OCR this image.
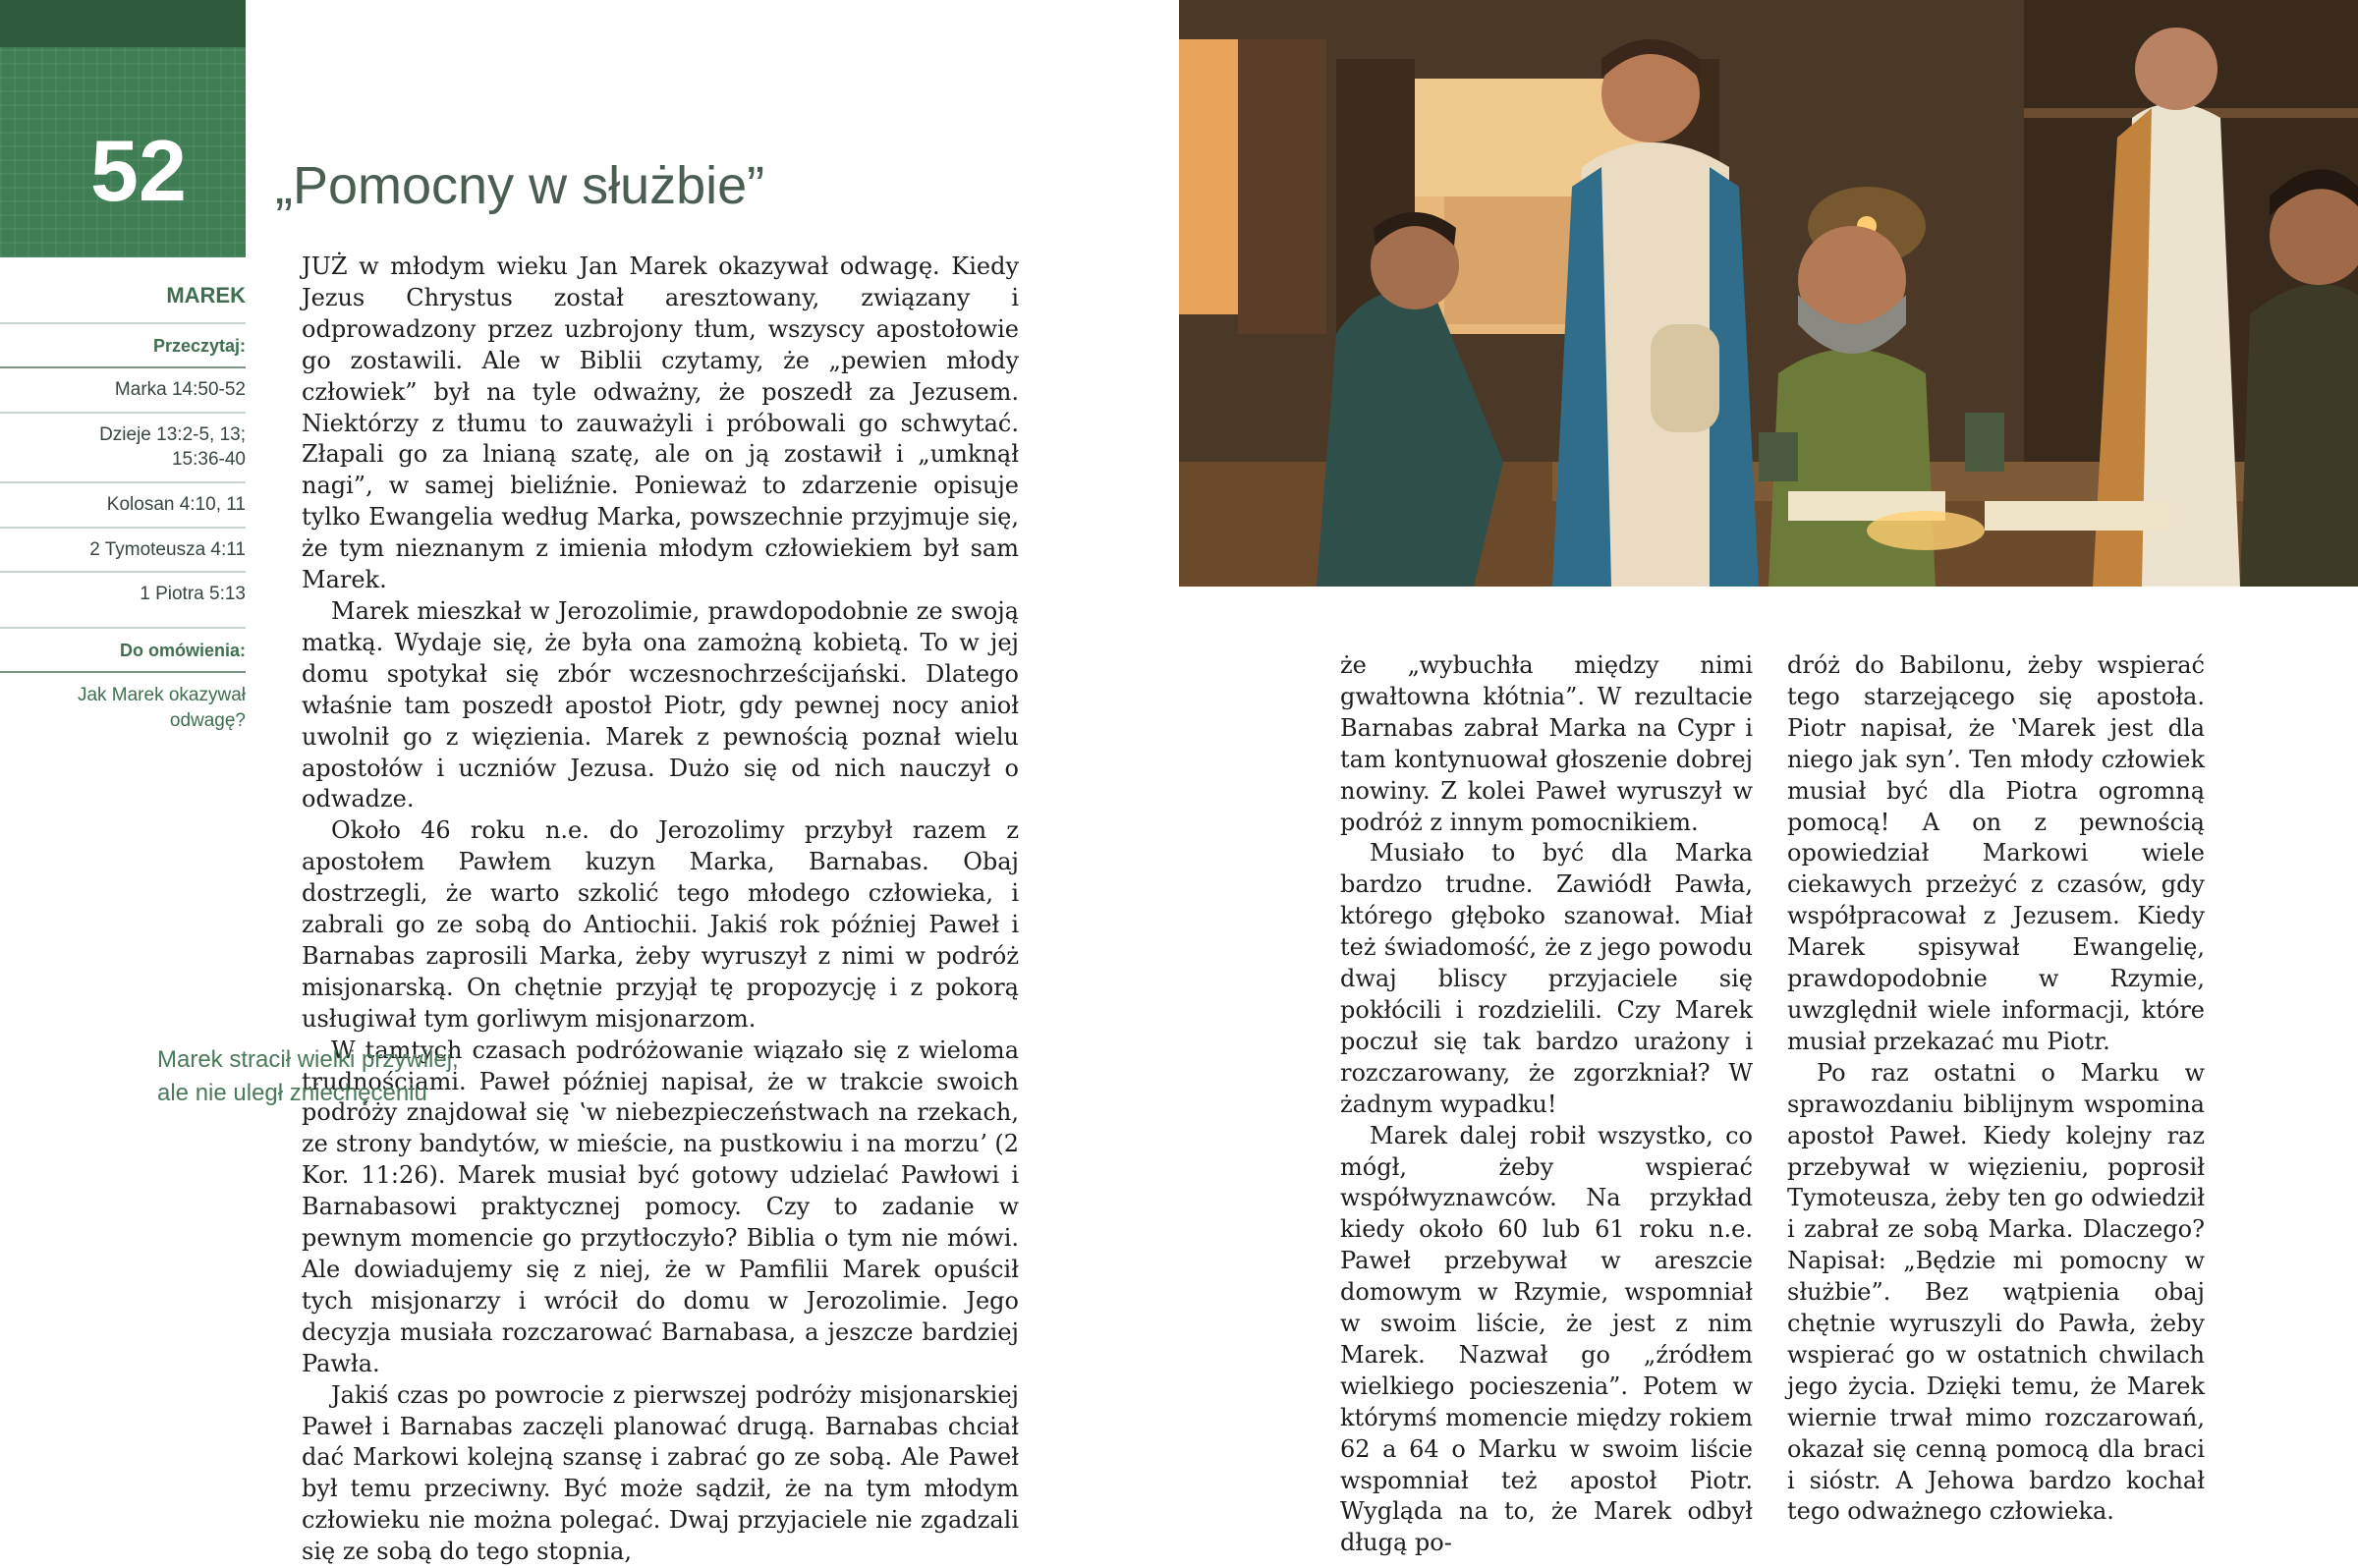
52 „Pomocny w służbie”
MAREK
Przeczytaj:
Marka 14:50-52
Dzieje 13:2-5, 13; 15:36-40
Kolosan 4:10, 11
2 Tymoteusza 4:11
1 Piotra 5:13
Do omówienia:
Jak Marek okazywał odwagę?

JUŻ w młodym wieku Jan Marek okazywał odwagę. Kiedy Jezus Chrystus został aresztowany, związany i odprowadzony przez uzbrojony tłum, wszyscy apostołowie go zostawili. Ale w Biblii czytamy, że „pewien młody człowiek” był na tyle odważny, że poszedł za Jezusem. Niektórzy z tłumu to zauważyli i próbowali go schwytać. Złapali go za lnianą szatę, ale on ją zostawił i „umknął nagi”, w samej bieliźnie. Ponieważ to zdarzenie opisuje tylko Ewangelia według Marka, powszechnie przyjmuje się, że tym nieznanym z imienia młodym człowiekiem był sam Marek.

Marek mieszkał w Jerozolimie, prawdopodobnie ze swoją matką. Wydaje się, że była ona zamożną kobietą. To w jej domu spotykał się zbór wczesnochrześcijański. Dlatego właśnie tam poszedł apostoł Piotr, gdy pewnej nocy anioł uwolnił go z więzienia. Marek z pewnością poznał wielu apostołów i uczniów Jezusa. Dużo się od nich nauczył o odwadze.

Około 46 roku n.e. do Jerozolimy przybył razem z apostołem Pawłem kuzyn Marka, Barnabas. Obaj dostrzegli, że warto szkolić tego młodego człowieka, i zabrali go ze sobą do Antiochii. Jakiś rok później Paweł i Barnabas zaprosili Marka, żeby wyruszył z nimi w podróż misjonarską. On chętnie przyjął tę propozycję i z pokorą usługiwał tym gorliwym misjonarzom.

W tamtych czasach podróżowanie wiązało się z wieloma trudnościami. Paweł później napisał, że w trakcie swoich podróży znajdował się ʽw niebezpieczeństwach na rzekach, ze strony bandytów, w mieście, na pustkowiu i na morzuʼ (2 Kor. 11:26). Marek musiał być gotowy udzielać Pawłowi i Barnabasowi praktycznej pomocy. Czy to zadanie w pewnym momencie go przytłoczyło? Biblia o tym nie mówi. Ale dowiadujemy się z niej, że w Pamfilii Marek opuścił tych misjonarzy i wrócił do domu w Jerozolimie. Jego decyzja musiała rozczarować Barnabasa, a jeszcze bardziej Pawła.

Jakiś czas po powrocie z pierwszej podróży misjonarskiej Paweł i Barnabas zaczęli planować drugą. Barnabas chciał dać Markowi kolejną szansę i zabrać go ze sobą. Ale Paweł był temu przeciwny. Być może sądził, że na tym młodym człowieku nie można polegać. Dwaj przyjaciele nie zgadzali się ze sobą do tego stopnia,

Marek stracił wielki przywilej, ale nie uległ zniechęceniu

że „wybuchła między nimi gwałtowna kłótnia”. W rezultacie Barnabas zabrał Marka na Cypr i tam kontynuował głoszenie dobrej nowiny. Z kolei Paweł wyruszył w podróż z innym pomocnikiem.

Musiało to być dla Marka bardzo trudne. Zawiódł Pawła, którego głęboko szanował. Miał też świadomość, że z jego powodu dwaj bliscy przyjaciele się pokłócili i rozdzielili. Czy Marek poczuł się tak bardzo urażony i rozczarowany, że zgorzkniał? W żadnym wypadku!

Marek dalej robił wszystko, co mógł, żeby wspierać współwyznawców. Na przykład kiedy około 60 lub 61 roku n.e. Paweł przebywał w areszcie domowym w Rzymie, wspomniał w swoim liście, że jest z nim Marek. Nazwał go „źródłem wielkiego pocieszenia”. Potem w którymś momencie między rokiem 62 a 64 o Marku w swoim liście wspomniał też apostoł Piotr. Wygląda na to, że Marek odbył długą po-

dróż do Babilonu, żeby wspierać tego starzejącego się apostoła. Piotr napisał, że ʽMarek jest dla niego jak synʼ. Ten młody człowiek musiał być dla Piotra ogromną pomocą! A on z pewnością opowiedział Markowi wiele ciekawych przeżyć z czasów, gdy współpracował z Jezusem. Kiedy Marek spisywał Ewangelię, prawdopodobnie w Rzymie, uwzględnił wiele informacji, które musiał przekazać mu Piotr.

Po raz ostatni o Marku w sprawozdaniu biblijnym wspomina apostoł Paweł. Kiedy kolejny raz przebywał w więzieniu, poprosił Tymoteusza, żeby ten go odwiedził i zabrał ze sobą Marka. Dlaczego? Napisał: „Będzie mi pomocny w służbie”. Bez wątpienia obaj chętnie wyruszyli do Pawła, żeby wspierać go w ostatnich chwilach jego życia. Dzięki temu, że Marek wiernie trwał mimo rozczarowań, okazał się cenną pomocą dla braci i sióstr. A Jehowa bardzo kochał tego odważnego człowieka.
